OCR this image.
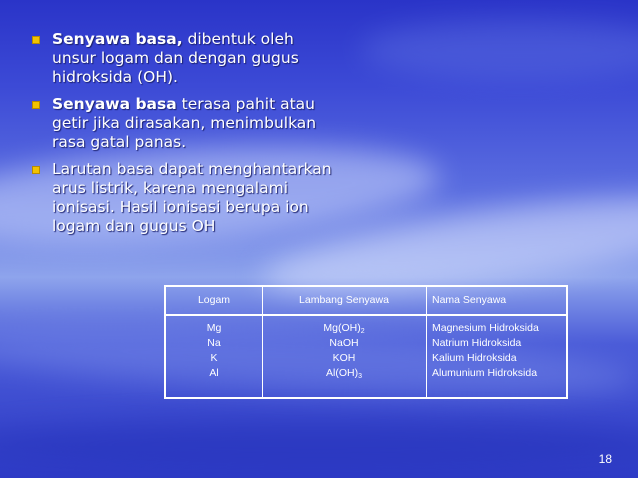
Senyawa basa, dibentuk oleh unsur logam dan dengan gugus hidroksida (OH).
Senyawa basa terasa pahit atau getir jika dirasakan, menimbulkan rasa gatal panas.
Larutan basa dapat menghantarkan arus listrik, karena mengalami ionisasi. Hasil ionisasi berupa ion logam dan gugus OH
Logam	Lambang Senyawa	Nama Senyawa
Mg
Na
K
Al
$Mg(OH)_2$
NaOH
KOH
$Al(OH)_3$
Magnesium Hidroksida
Natrium Hidroksida
Kalium Hidroksida
Alumunium Hidroksida
18
